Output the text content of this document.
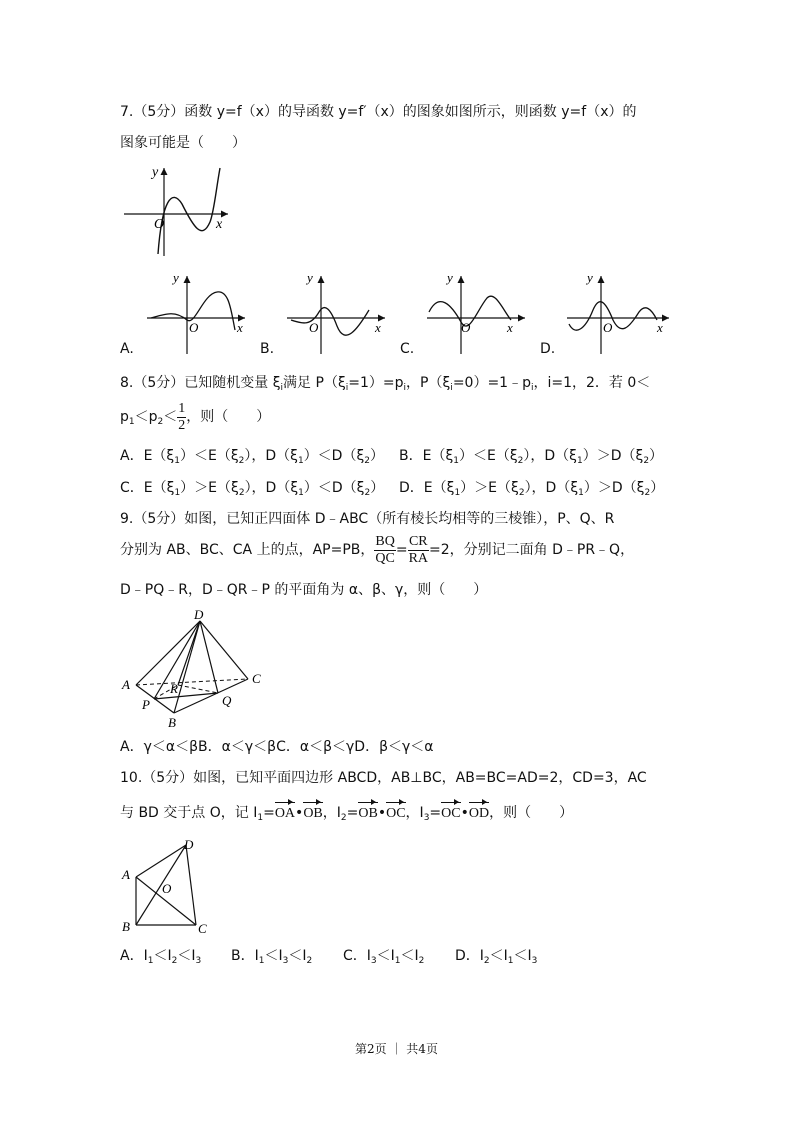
7.（5分）函数 y=f（x）的导函数 y=f′（x）的图象如图所示，则函数 y=f（x）的
图象可能是（　　）
y
x
O
y
x
O
A.
y
x
O
B.
y
x
O
C.
y
x
O
D.
8.（5分）已知随机变量 $\xi_i$满足 $P(\xi_i=1)=p_i$，$P(\xi_i=0)=1﹣p_i$，i=1，2．若 0＜
$p_1<p_2< \frac{1}{2}$ ，则（　　）
A．$E(\xi_1)<E(\xi_2)$，$D(\xi_1)<D(\xi_2)$ B．$E(\xi_1)<E(\xi_2)$，$D(\xi_1)>D(\xi_2)$
C．$E(\xi_1)>E(\xi_2)$，$D(\xi_1)<D(\xi_2)$ D．$E(\xi_1)>E(\xi_2)$，$D(\xi_1)>D(\xi_2)$
9.（5分）如图，已知正四面体 D﹣ABC（所有棱长均相等的三棱锥），P、Q、R
分别为 AB、BC、CA 上的点，AP=PB， $\frac{BQ}{QC} = \frac{CR}{RA} =2$，分别记二面角 D﹣PR﹣Q，
D﹣PQ﹣R，D﹣QR﹣P 的平面角为 α、β、γ，则（　　）
D
A	C
R
P	Q
B
A．γ＜α＜βB．α＜γ＜βC．α＜β＜γD．β＜γ＜α
10.（5分）如图，已知平面四边形 ABCD，AB⊥BC，AB=BC=AD=2，CD=3，AC
与 BD 交于点 O，记 $I_1=OA•OB$，$I_2=OB•OC$，$I_3=OC•OD$，则（　　）
D
A
O
B	C
A．$I_1<I_2<I_3$ B．$I_1<I_3<I_2$ C．$I_3<I_1<I_2$ D．$I_2<I_1<I_3$
第2页 ｜ 共4页
